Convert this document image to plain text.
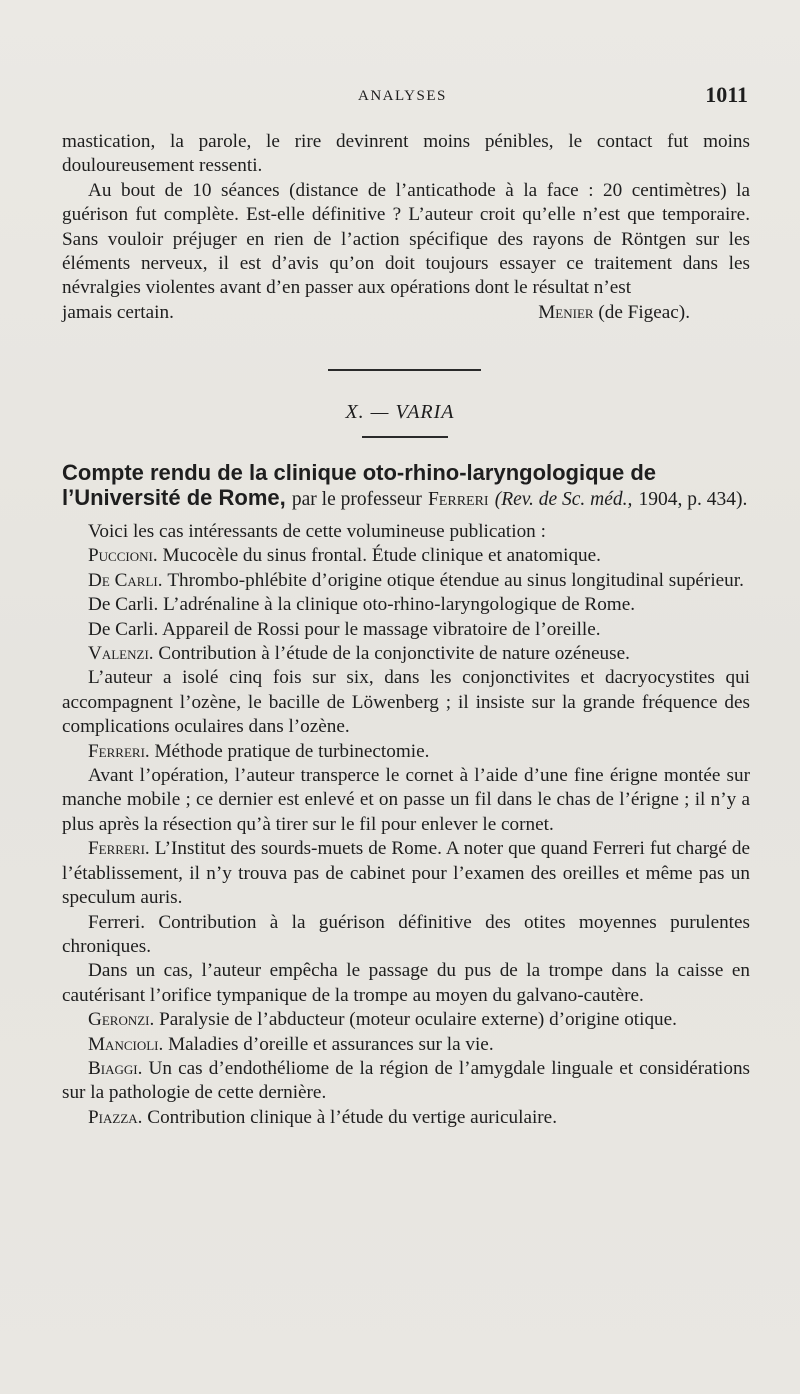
ANALYSES	1011

mastication, la parole, le rire devinrent moins pénibles, le contact fut moins douloureusement ressenti.

Au bout de 10 séances (distance de l’anticathode à la face : 20 centimètres) la guérison fut complète. Est-elle définitive ? L’auteur croit qu’elle n’est que temporaire. Sans vouloir préjuger en rien de l’action spécifique des rayons de Röntgen sur les éléments nerveux, il est d’avis qu’on doit toujours essayer ce traitement dans les névralgies violentes avant d’en passer aux opérations dont le résultat n’est

jamais certain.	Menier (de Figeac).
X. — VARIA
Compte rendu de la clinique oto-rhino-laryngologique de l’Université de Rome, par le professeur Ferreri (Rev. de Sc. méd., 1904, p. 434).

Voici les cas intéressants de cette volumineuse publication :

Puccioni. Mucocèle du sinus frontal. Étude clinique et anatomique.

De Carli. Thrombo-phlébite d’origine otique étendue au sinus longitudinal supérieur.

De Carli. L’adrénaline à la clinique oto-rhino-laryngologique de Rome.

De Carli. Appareil de Rossi pour le massage vibratoire de l’oreille.

Valenzi. Contribution à l’étude de la conjonctivite de nature ozéneuse.

L’auteur a isolé cinq fois sur six, dans les conjonctivites et dacryocystites qui accompagnent l’ozène, le bacille de Löwenberg ; il insiste sur la grande fréquence des complications oculaires dans l’ozène.

Ferreri. Méthode pratique de turbinectomie.

Avant l’opération, l’auteur transperce le cornet à l’aide d’une fine érigne montée sur manche mobile ; ce dernier est enlevé et on passe un fil dans le chas de l’érigne ; il n’y a plus après la résection qu’à tirer sur le fil pour enlever le cornet.

Ferreri. L’Institut des sourds-muets de Rome. A noter que quand Ferreri fut chargé de l’établissement, il n’y trouva pas de cabinet pour l’examen des oreilles et même pas un speculum auris.

Ferreri. Contribution à la guérison définitive des otites moyennes purulentes chroniques.

Dans un cas, l’auteur empêcha le passage du pus de la trompe dans la caisse en cautérisant l’orifice tympanique de la trompe au moyen du galvano-cautère.

Geronzi. Paralysie de l’abducteur (moteur oculaire externe) d’origine otique.

Mancioli. Maladies d’oreille et assurances sur la vie.

Biaggi. Un cas d’endothéliome de la région de l’amygdale linguale et considérations sur la pathologie de cette dernière.

Piazza. Contribution clinique à l’étude du vertige auriculaire.
